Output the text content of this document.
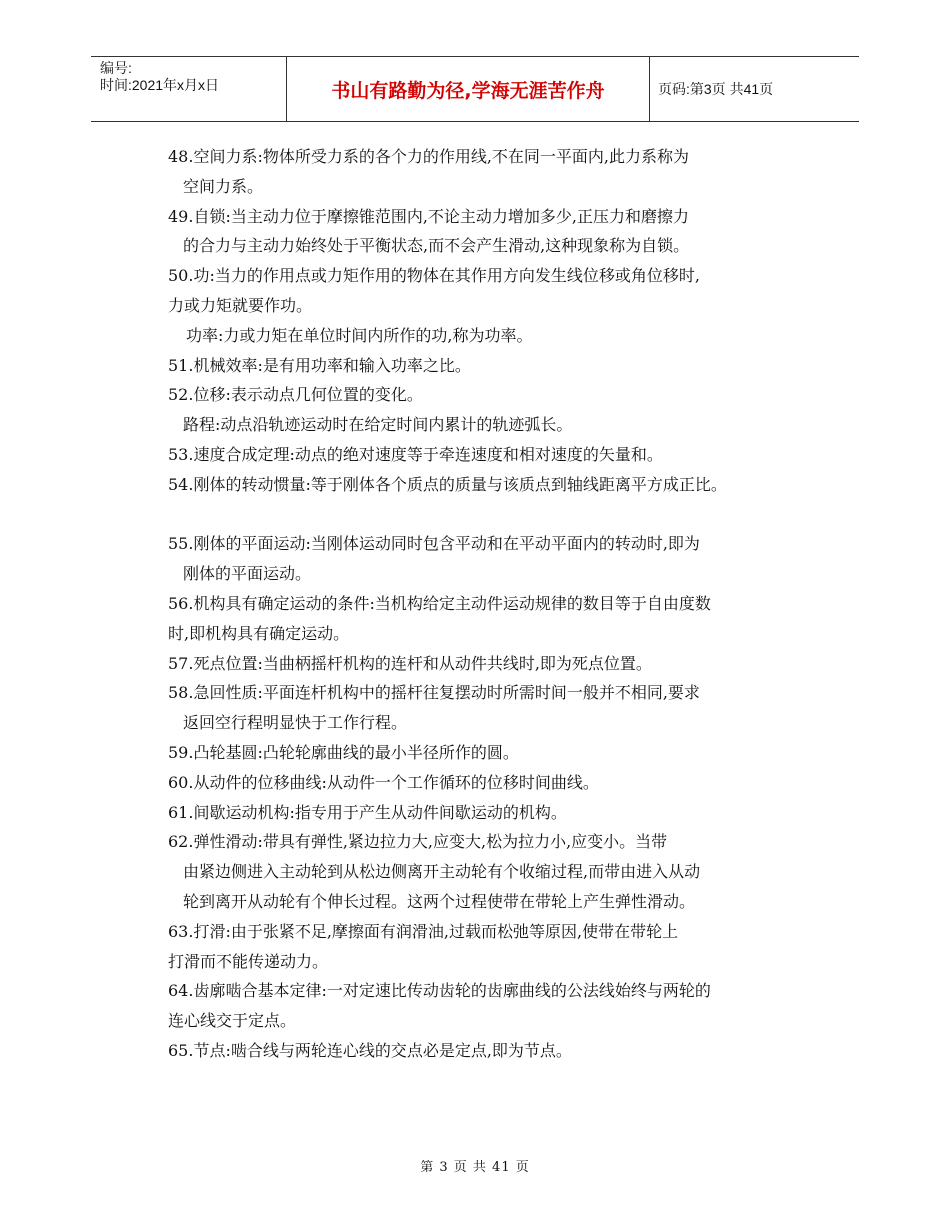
编号:
时间:2021年x月x日	书山有路勤为径,学海无涯苦作舟	页码:第3页 共41页
48.空间力系:物体所受力系的各个力的作用线,不在同一平面内,此力系称为
空间力系。
49.自锁:当主动力位于摩擦锥范围内,不论主动力增加多少,正压力和磨擦力
的合力与主动力始终处于平衡状态,而不会产生滑动,这种现象称为自锁。
50.功:当力的作用点或力矩作用的物体在其作用方向发生线位移或角位移时,
力或力矩就要作功。
功率:力或力矩在单位时间内所作的功,称为功率。
51.机械效率:是有用功率和输入功率之比。
52.位移:表示动点几何位置的变化。
路程:动点沿轨迹运动时在给定时间内累计的轨迹弧长。
53.速度合成定理:动点的绝对速度等于牵连速度和相对速度的矢量和。
54.刚体的转动惯量:等于刚体各个质点的质量与该质点到轴线距离平方成正比。
55.刚体的平面运动:当刚体运动同时包含平动和在平动平面内的转动时,即为
刚体的平面运动。
56.机构具有确定运动的条件:当机构给定主动件运动规律的数目等于自由度数
时,即机构具有确定运动。
57.死点位置:当曲柄摇杆机构的连杆和从动件共线时,即为死点位置。
58.急回性质:平面连杆机构中的摇杆往复摆动时所需时间一般并不相同,要求
返回空行程明显快于工作行程。
59.凸轮基圆:凸轮轮廓曲线的最小半径所作的圆。
60.从动件的位移曲线:从动件一个工作循环的位移时间曲线。
61.间歇运动机构:指专用于产生从动件间歇运动的机构。
62.弹性滑动:带具有弹性,紧边拉力大,应变大,松为拉力小,应变小。当带
由紧边侧进入主动轮到从松边侧离开主动轮有个收缩过程,而带由进入从动
轮到离开从动轮有个伸长过程。这两个过程使带在带轮上产生弹性滑动。
63.打滑:由于张紧不足,摩擦面有润滑油,过载而松弛等原因,使带在带轮上
打滑而不能传递动力。
64.齿廓啮合基本定律:一对定速比传动齿轮的齿廓曲线的公法线始终与两轮的
连心线交于定点。
65.节点:啮合线与两轮连心线的交点必是定点,即为节点。
第 3 页 共 41 页
